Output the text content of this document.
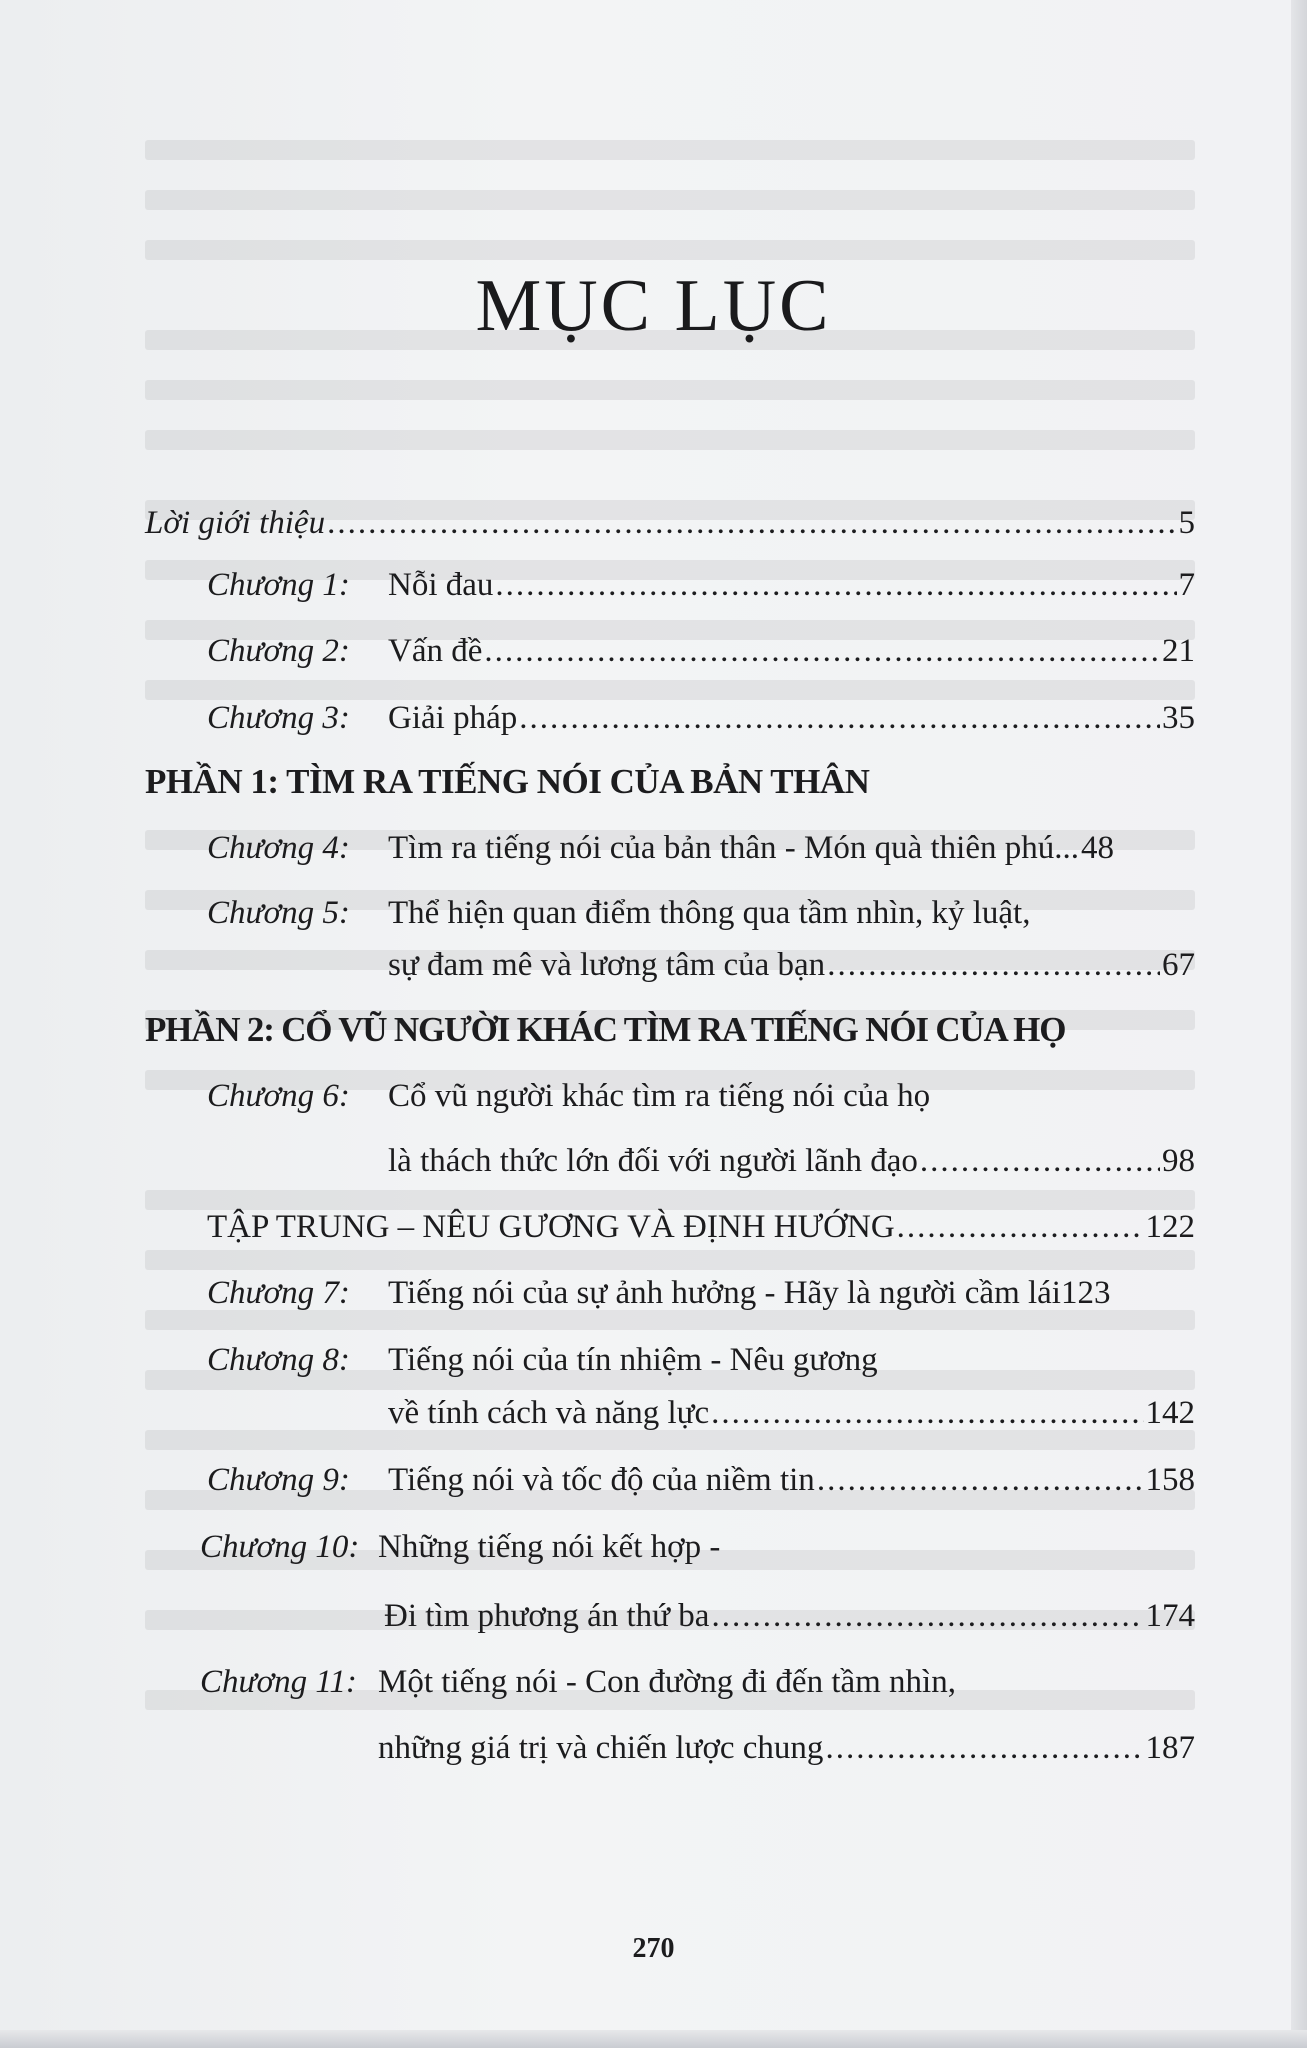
MỤC LỤC
Lời giới thiệu .....	5
Chương 1: Nỗi đau .....	7
Chương 2: Vấn đề .....	21
Chương 3: Giải pháp .....	35
PHẦN 1: TÌM RA TIẾNG NÓI CỦA BẢN THÂN
Chương 4: Tìm ra tiếng nói của bản thân - Món quà thiên phú... 48
Chương 5: Thể hiện quan điểm thông qua tầm nhìn, kỷ luật,
sự đam mê và lương tâm của bạn .....	67
PHẦN 2: CỔ VŨ NGƯỜI KHÁC TÌM RA TIẾNG NÓI CỦA HỌ
Chương 6: Cổ vũ người khác tìm ra tiếng nói của họ
là thách thức lớn đối với người lãnh đạo .....	98
TẬP TRUNG – NÊU GƯƠNG VÀ ĐỊNH HƯỚNG .....	122
Chương 7: Tiếng nói của sự ảnh hưởng - Hãy là người cầm lái 123
Chương 8: Tiếng nói của tín nhiệm - Nêu gương
về tính cách và năng lực .....	142
Chương 9: Tiếng nói và tốc độ của niềm tin .....	158
Chương 10: Những tiếng nói kết hợp -
Đi tìm phương án thứ ba .....	174
Chương 11: Một tiếng nói - Con đường đi đến tầm nhìn,
những giá trị và chiến lược chung .....	187
270
